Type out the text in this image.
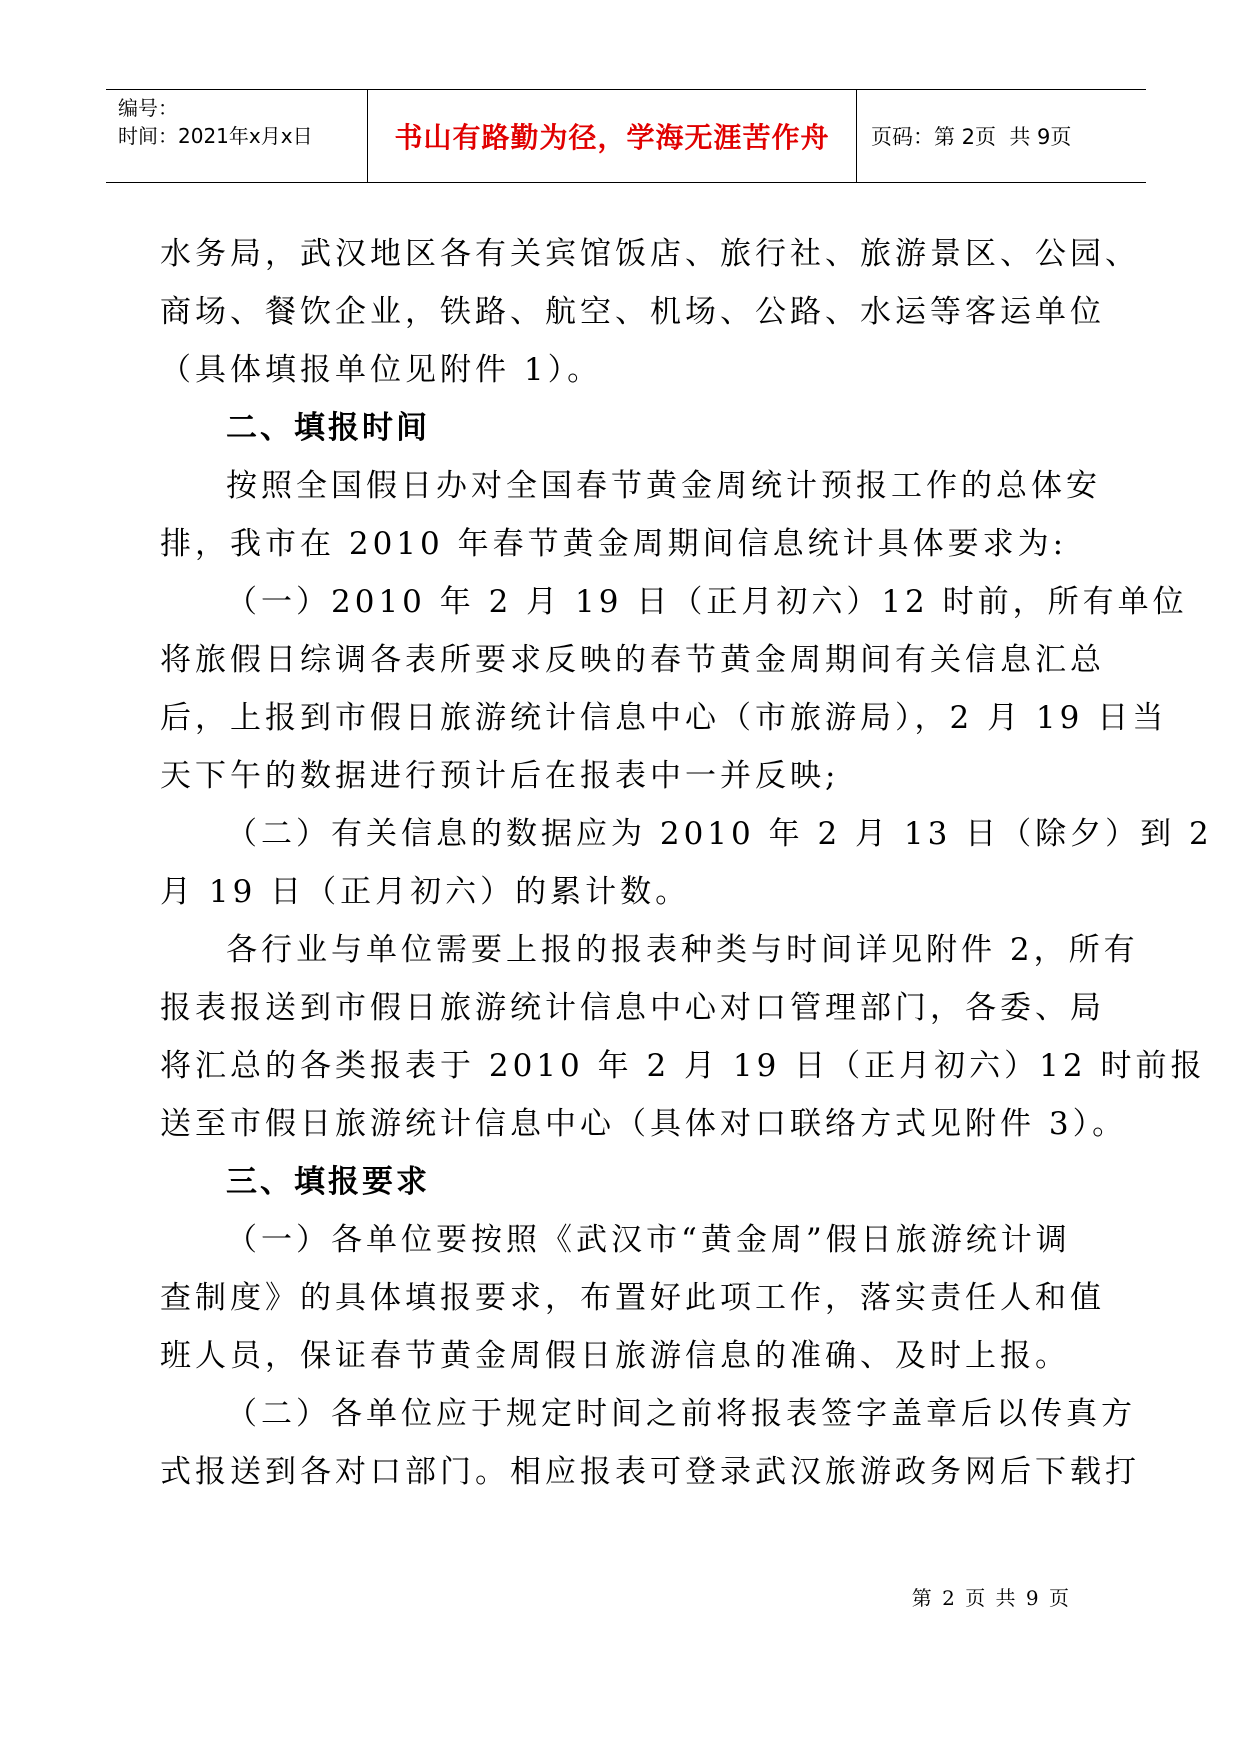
编号：
时间：2021年x月x日	书山有路勤为径，学海无涯苦作舟	页码：第 2页  共 9页
水务局，武汉地区各有关宾馆饭店、旅行社、旅游景区、公园、
商场、餐饮企业，铁路、航空、机场、公路、水运等客运单位
（具体填报单位见附件 1）。
二、填报时间
按照全国假日办对全国春节黄金周统计预报工作的总体安
排，我市在 2010 年春节黄金周期间信息统计具体要求为:
（一）2010 年 2 月 19 日（正月初六）12 时前，所有单位
将旅假日综调各表所要求反映的春节黄金周期间有关信息汇总
后，上报到市假日旅游统计信息中心（市旅游局），2 月 19 日当
天下午的数据进行预计后在报表中一并反映;
（二）有关信息的数据应为 2010 年 2 月 13 日（除夕）到 2
月 19 日（正月初六）的累计数。
各行业与单位需要上报的报表种类与时间详见附件 2，所有
报表报送到市假日旅游统计信息中心对口管理部门，各委、局
将汇总的各类报表于 2010 年 2 月 19 日（正月初六）12 时前报
送至市假日旅游统计信息中心（具体对口联络方式见附件 3）。
三、填报要求
（一）各单位要按照《武汉市“黄金周”假日旅游统计调
查制度》的具体填报要求，布置好此项工作，落实责任人和值
班人员，保证春节黄金周假日旅游信息的准确、及时上报。
（二）各单位应于规定时间之前将报表签字盖章后以传真方
式报送到各对口部门。相应报表可登录武汉旅游政务网后下载打
第 2 页 共 9 页
